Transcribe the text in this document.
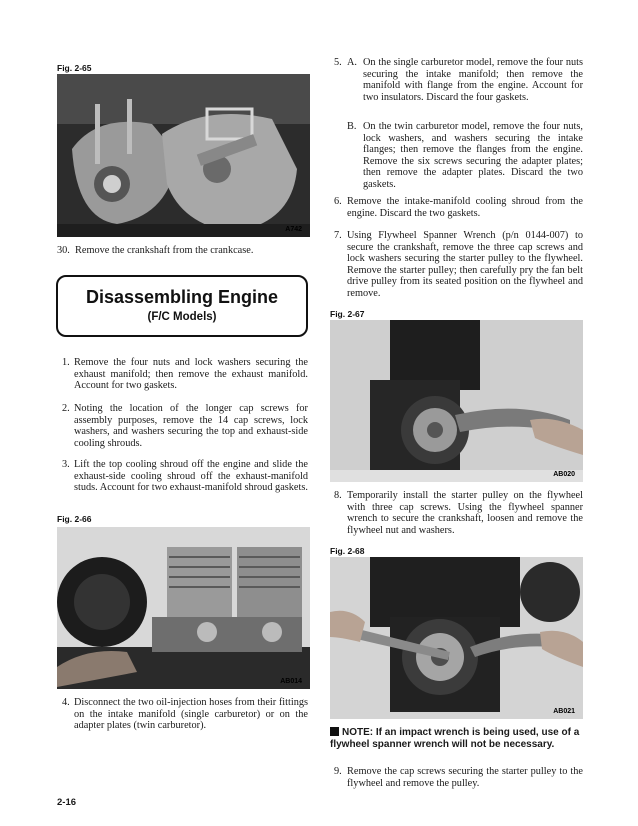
Fig. 2-65
A742
30. Remove the crankshaft from the crankcase.
Disassembling Engine
(F/C Models)
1. Remove the four nuts and lock washers securing the exhaust manifold; then remove the exhaust manifold. Account for two gaskets.
2. Noting the location of the longer cap screws for assembly purposes, remove the 14 cap screws, lock washers, and washers securing the top and exhaust-side cooling shrouds.
3. Lift the top cooling shroud off the engine and slide the exhaust-side cooling shroud off the exhaust-manifold studs. Account for two exhaust-manifold shroud gaskets.
Fig. 2-66
AB014
4. Disconnect the two oil-injection hoses from their fittings on the intake manifold (single carburetor) or on the adapter plates (twin carburetor).
2-16
5. A. On the single carburetor model, remove the four nuts securing the intake manifold; then remove the manifold with flange from the engine. Account for two insulators. Discard the four gaskets.
B. On the twin carburetor model, remove the four nuts, lock washers, and washers securing the intake flanges; then remove the flanges from the engine. Remove the six screws securing the adapter plates; then remove the adapter plates. Discard the two gaskets.
6. Remove the intake-manifold cooling shroud from the engine. Discard the two gaskets.
7. Using Flywheel Spanner Wrench (p/n 0144-007) to secure the crankshaft, remove the three cap screws and lock washers securing the starter pulley to the flywheel. Remove the starter pulley; then carefully pry the fan belt drive pulley from its seated position on the flywheel and remove.
Fig. 2-67
AB020
8. Temporarily install the starter pulley on the flywheel with three cap screws. Using the flywheel spanner wrench to secure the crankshaft, loosen and remove the flywheel nut and washers.
Fig. 2-68
AB021
NOTE: If an impact wrench is being used, use of a flywheel spanner wrench will not be necessary.
9. Remove the cap screws securing the starter pulley to the flywheel and remove the pulley.
